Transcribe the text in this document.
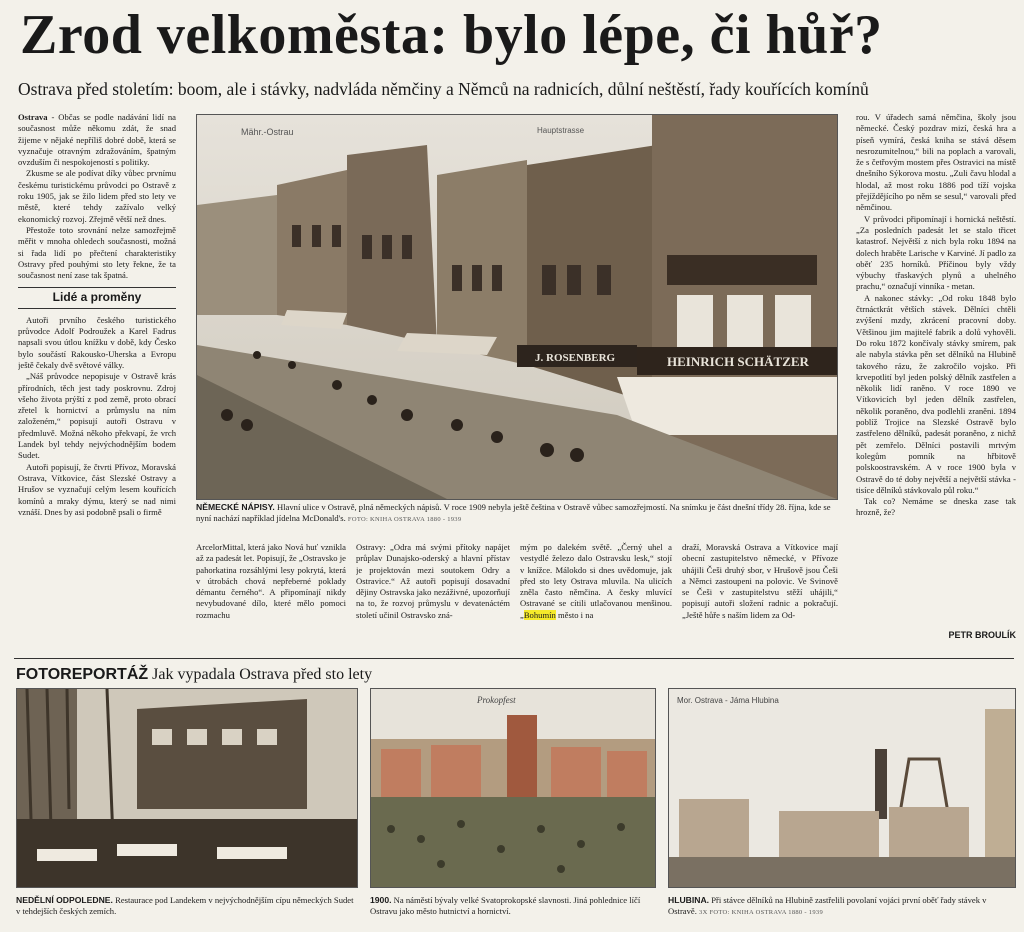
Zrod velkoměsta: bylo lépe, či hůř?
Ostrava před stoletím: boom, ale i stávky, nadvláda němčiny a Němců na radnicích, důlní neštěstí, řady kouřících komínů

Ostrava - Občas se podle nadávání lidí na současnost může někomu zdát, že snad žijeme v nějaké nepříliš dobré době, která se vyznačuje otravným zdražováním, špatným ovzduším či nespokojeností s politiky.

Zkusme se ale podívat díky vůbec prvnímu českému turistickému průvodci po Ostravě z roku 1905, jak se žilo lidem před sto lety ve městě, které tehdy zažívalo velký ekonomický rozvoj. Zřejmě větší než dnes.

Přestože toto srovnání nelze samozřejmě měřit v mnoha ohledech současnosti, možná si řada lidí po přečtení charakteristiky Ostravy před pouhými sto lety řekne, že ta současnost není zase tak špatná.

Lidé a proměny

Autoři prvního českého turistického průvodce Adolf Podroužek a Karel Fadrus napsali svou útlou knížku v době, kdy Česko bylo součástí Rakousko-Uherska a Evropu ještě čekaly dvě světové války.

„Náš průvodce nepopisuje v Ostravě krás přírodních, těch jest tady poskrovnu. Zdroj všeho života prýští z pod země, proto obrací zřetel k hornictví a průmyslu na ním založeném,“ popisují autoři Ostravu v předmluvě. Možná někoho překvapí, že vrch Landek byl tehdy nejvýchodnějším bodem Sudet.

Autoři popisují, že čtvrti Přívoz, Moravská Ostrava, Vítkovice, část Slezské Ostravy a Hrušov se vyznačují celým lesem kouřících komínů a mraky dýmu, který se nad nimi vznáší. Dnes by asi podobně psali o firmě

Mähr.-Ostrau	Hauptstrasse
J. ROSENBERG	HEINRICH SCHÄTZER
NĚMECKÉ NÁPISY. Hlavní ulice v Ostravě, plná německých nápisů. V roce 1909 nebyla ještě čeština v Ostravě vůbec samozřejmostí. Na snímku je část dnešní třídy 28. října, kde se nyní nachází například jídelna McDonald's. FOTO: KNIHA OSTRAVA 1880 - 1939

ArcelorMittal, která jako Nová huť vznikla až za padesát let. Popisují, že „Ostravsko je pahorkatina rozsáhlými lesy pokrytá, která v útrobách chová nepřeberné poklady démantu černého“. A připomínají nikdy nevybudované dílo, které mělo pomoci rozmachu

Ostravy: „Odra má svými přítoky napájet průplav Dunajsko-oderský a hlavní přístav je projektován mezi soutokem Odry a Ostravice.“ Až autoři popisují dosavadní dějiny Ostravska jako nezáživné, upozorňují na to, že rozvoj průmyslu v devatenáctém století učinil Ostravsko zná-

mým po dalekém světě. „Černý uhel a vestydlé železo dalo Ostravsku lesk,“ stojí v knížce. Málokdo si dnes uvědomuje, jak před sto lety Ostrava mluvila. Na ulicích zněla často němčina. A česky mluvící Ostravané se cítili utlačovanou menšinou. „Bohumín město i na

draží, Moravská Ostrava a Vítkovice mají obecní zastupitelstvo německé, v Přívoze uhájili Češi druhý sbor, v Hrušově jsou Češi a Němci zastoupeni na polovic. Ve Svinově se Češi v zastupitelstvu stěží uhájili,“ popisují autoři složení radnic a pokračují. „Ještě hůře s naším lidem za Od-

rou. V úřadech samá němčina, školy jsou německé. Český pozdrav mizí, česká hra a píseň vymírá, česká kniha se stává děsem nesrozumitelnou,“ bili na poplach a varovali, že s četřovým mostem přes Ostravici na místě dnešního Sýkorova mostu. „Zuli čavu hlodal a hlodal, až most roku 1886 pod tíží vojska přejíždějícího po něm se sesul,“ varovali před němčinou.

V průvodci připomínají i hornická neštěstí. „Za posledních padesát let se stalo třicet katastrof. Největší z nich byla roku 1894 na dolech hraběte Larische v Karviné. Jí padlo za oběť 235 horníků. Příčinou byly vždy výbuchy třaskavých plynů a uhelného prachu,“ označují vinníka - metan.

A nakonec stávky: „Od roku 1848 bylo čtrnáctkrát větších stávek. Dělníci chtěli zvýšení mzdy, zkrácení pracovní doby. Většinou jim majitelé fabrik a dolů vyhověli. Do roku 1872 končívaly stávky smírem, pak ale nabyla stávka pěn set dělníků na Hlubině takového rázu, že zakročilo vojsko. Při krvepotlití byl jeden polský dělník zastřelen a několik lidí raněno. V roce 1890 ve Vítkovicích byl jeden dělník zastřelen, několik poraněno, dva podlehli zraněni. 1894 poblíž Trojice na Slezské Ostravě bylo zastřeleno dělníků, padesát poraněno, z nichž pět zemřelo. Dělníci postavili mrtvým kolegům pomník na hřbitově polskoostravském. A v roce 1900 byla v Ostravě do té doby největší a největší stávka - tisíce dělníků stávkovalo půl roku.“

Tak co? Nemáme se dneska zase tak hrozně, že?

PETR BROULÍK
FOTOREPORTÁŽ Jak vypadala Ostrava před sto lety
NEDĚLNÍ ODPOLEDNE. Restaurace pod Landekem v nejvýchodnějším cípu německých Sudet v tehdejších českých zemích.
Prokopfest
1900. Na náměstí bývaly velké Svatoprokopské slavnosti. Jiná pohlednice líčí Ostravu jako město hutnictví a hornictví.
Mor. Ostrava - Jáma Hlubina
HLUBINA. Při stávce dělníků na Hlubině zastřelili povolaní vojáci první oběť řady stávek v Ostravě. 3X FOTO: KNIHA OSTRAVA 1880 - 1939
